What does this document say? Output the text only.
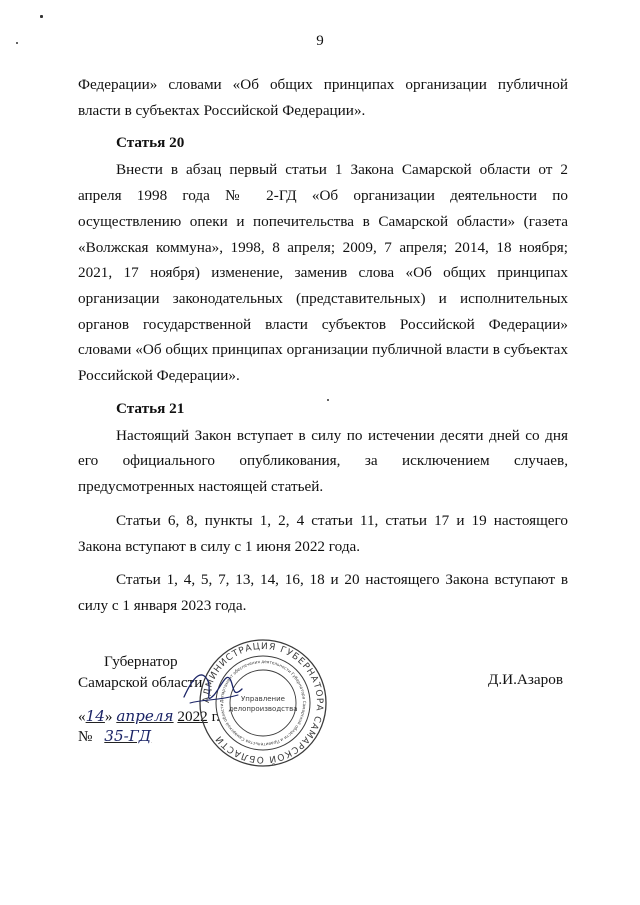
9

Федерации» словами «Об общих принципах организации публичной власти в субъектах Российской Федерации».

Статья 20

Внести в абзац первый статьи 1 Закона Самарской области от 2 апреля 1998 года № 2-ГД «Об организации деятельности по осуществлению опеки и попечительства в Самарской области» (газета «Волжская коммуна», 1998, 8 апреля; 2009, 7 апреля; 2014, 18 ноября; 2021, 17 ноября) изменение, заменив слова «Об общих принципах организации законодательных (представительных) и исполнительных органов государственной власти субъектов Российской Федерации» словами «Об общих принципах организации публичной власти в субъектах Российской Федерации».

Статья 21

Настоящий Закон вступает в силу по истечении десяти дней со дня его официального опубликования, за исключением случаев, предусмотренных настоящей статьей.

Статьи 6, 8, пункты 1, 2, 4 статьи 11, статьи 17 и 19 настоящего Закона вступают в силу с 1 июня 2022 года.

Статьи 1, 4, 5, 7, 13, 14, 16, 18 и 20 настоящего Закона вступают в силу с 1 января 2023 года.

Губернатор
Самарской области	Д.И.Азаров
«14» апреля 2022 г.
№ 35-ГД
АДМИНИСТРАЦИЯ ГУБЕРНАТОРА САМАРСКОЙ ОБЛАСТИ
Департамент обеспечения деятельности Губернатора Самарской области и Правительства Самарской области
Управление
делопроизводства
